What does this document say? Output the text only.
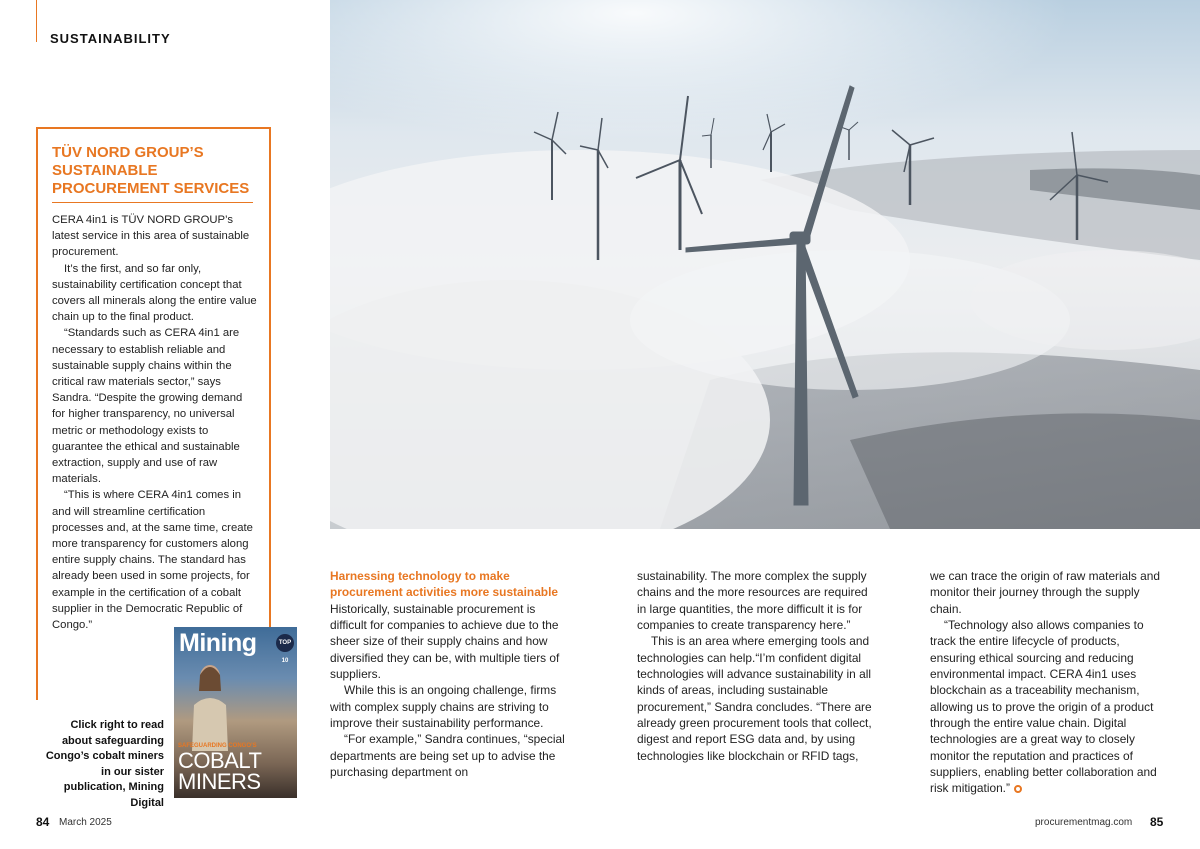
SUSTAINABILITY
TÜV NORD GROUP’S SUSTAINABLE PROCUREMENT SERVICES

CERA 4in1 is TÜV NORD GROUP’s latest service in this area of sustainable procurement.

It’s the first, and so far only, sustainability certification concept that covers all minerals along the entire value chain up to the final product.

“Standards such as CERA 4in1 are necessary to establish reliable and sustainable supply chains within the critical raw materials sector,” says Sandra. “Despite the growing demand for higher transparency, no universal metric or methodology exists to guarantee the ethical and sustainable extraction, supply and use of raw materials.

“This is where CERA 4in1 comes in and will streamline certification processes and, at the same time, create more transparency for customers along entire supply chains. The standard has already been used in some projects, for example in the certification of a cobalt supplier in the Democratic Republic of Congo.”

Click right to read about safeguarding Congo’s cobalt miners in our sister publication, Mining Digital
Mining	TOP 10
SAFEGUARDING CONGO’S
COBALT MINERS

Harnessing technology to make procurement activities more sustainable

Historically, sustainable procurement is difficult for companies to achieve due to the sheer size of their supply chains and how diversified they can be, with multiple tiers of suppliers.

While this is an ongoing challenge, firms with complex supply chains are striving to improve their sustainability performance.

“For example,” Sandra continues, “special departments are being set up to advise the purchasing department on

sustainability. The more complex the supply chains and the more resources are required in large quantities, the more difficult it is for companies to create transparency here.”

This is an area where emerging tools and technologies can help.“I’m confident digital technologies will advance sustainability in all kinds of areas, including sustainable procurement,” Sandra concludes. “There are already green procurement tools that collect, digest and report ESG data and, by using technologies like blockchain or RFID tags,

we can trace the origin of raw materials and monitor their journey through the supply chain.

“Technology also allows companies to track the entire lifecycle of products, ensuring ethical sourcing and reducing environmental impact. CERA 4in1 uses blockchain as a traceability mechanism, allowing us to prove the origin of a product through the entire value chain. Digital technologies are a great way to closely monitor the reputation and practices of suppliers, enabling better collaboration and risk mitigation.”

84 March 2025	procurementmag.com 85
